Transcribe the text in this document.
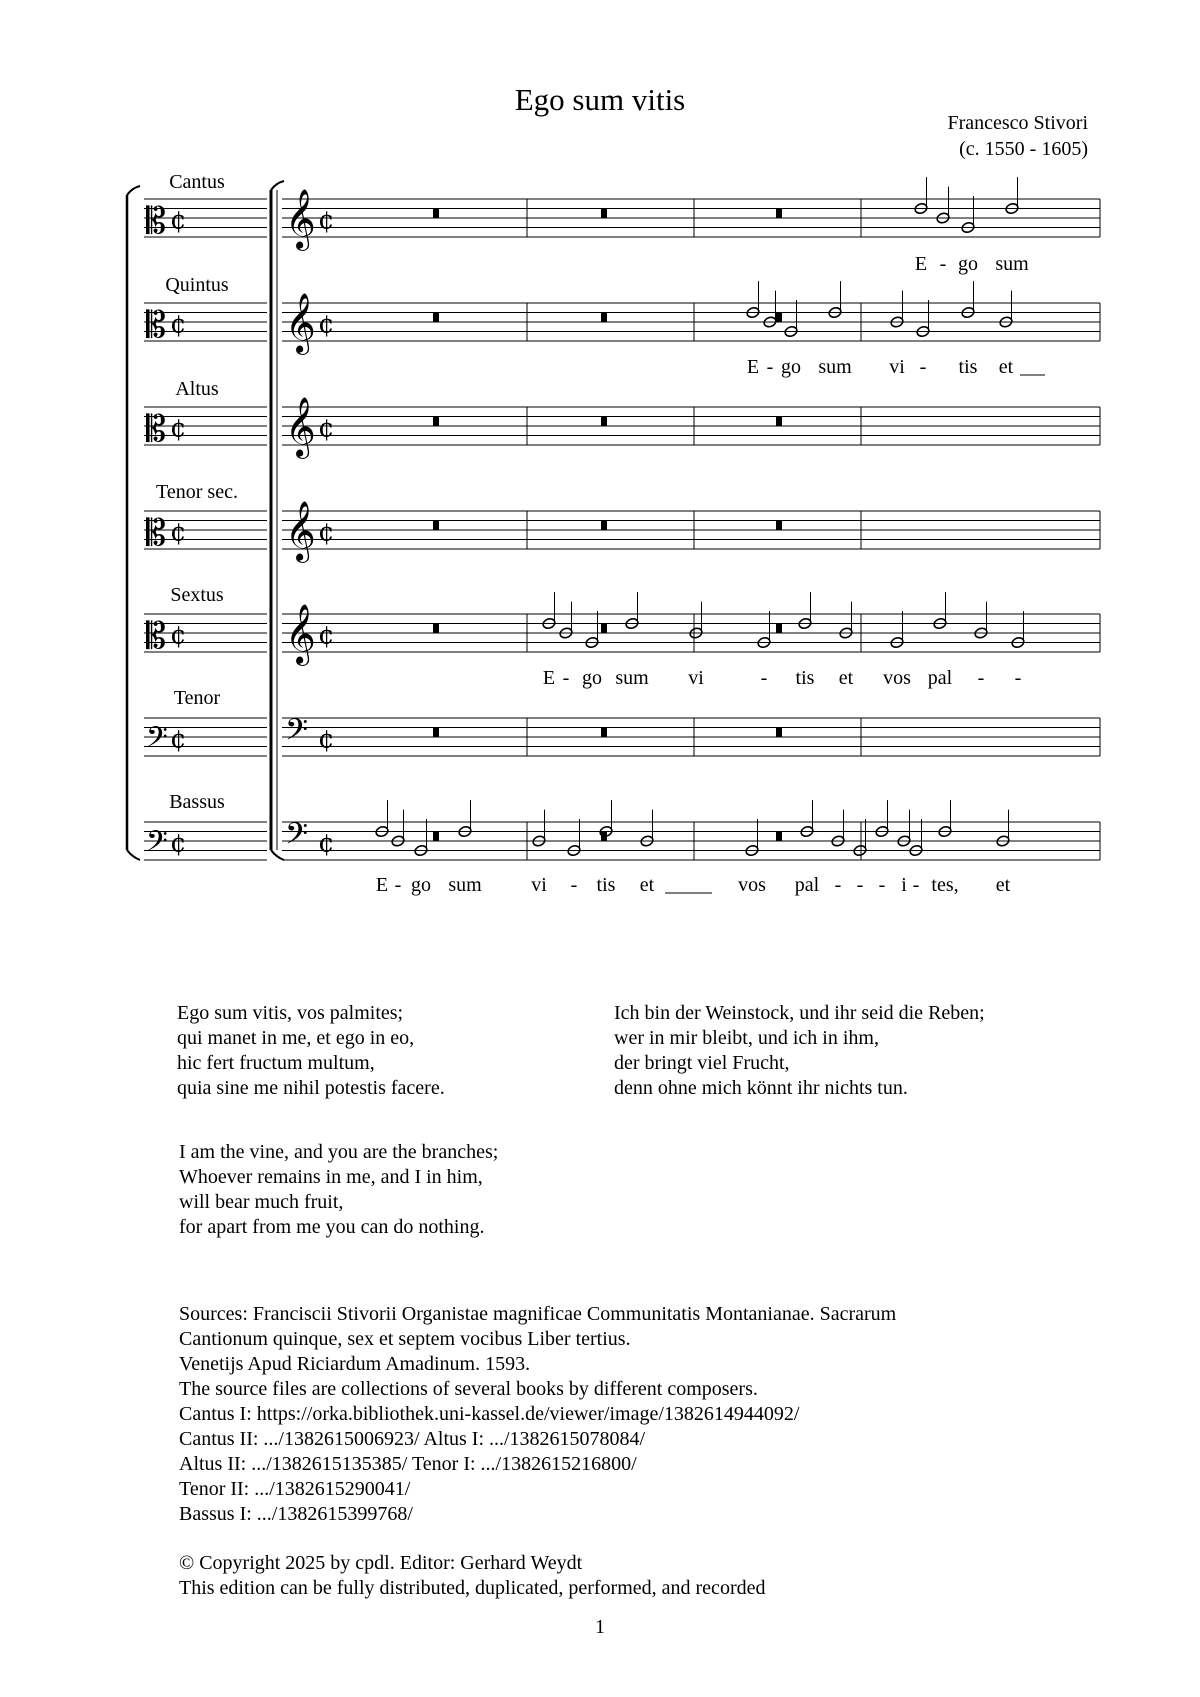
Ego sum vitis
Francesco Stivori
(c. 1550 - 1605)
Cantus
𝄡 ¢ 𝄞 ¢
E - go sum
Quintus
𝄡 ¢ 𝄞 ¢
E - go sum vi - tis et
Altus
𝄡 ¢ 𝄞 ¢
Tenor sec.
𝄡 ¢ 𝄞 ¢
Sextus
𝄡 ¢ 𝄞 ¢
E - go sum vi	- tis et vos pal - -
Tenor
𝄢 ¢	𝄢 ¢
Bassus
𝄢 ¢	𝄢 ¢
E - go sum vi - tis et	vos pal - - - i - tes, et
Ego sum vitis, vos palmites;
qui manet in me, et ego in eo,
hic fert fructum multum,
quia sine me nihil potestis facere.
Ich bin der Weinstock, und ihr seid die Reben;
wer in mir bleibt, und ich in ihm,
der bringt viel Frucht,
denn ohne mich könnt ihr nichts tun.
I am the vine, and you are the branches;
Whoever remains in me, and I in him,
will bear much fruit,
for apart from me you can do nothing.
Sources: Franciscii Stivorii Organistae magnificae Communitatis Montanianae. Sacrarum
Cantionum quinque, sex et septem vocibus Liber tertius.
Venetijs Apud Riciardum Amadinum. 1593.
The source files are collections of several books by different composers.
Cantus I: https://orka.bibliothek.uni-kassel.de/viewer/image/1382614944092/
Cantus II: .../1382615006923/ Altus I: .../1382615078084/
Altus II: .../1382615135385/ Tenor I: .../1382615216800/
Tenor II: .../1382615290041/
Bassus I: .../1382615399768/
© Copyright 2025 by cpdl. Editor: Gerhard Weydt
This edition can be fully distributed, duplicated, performed, and recorded
1
